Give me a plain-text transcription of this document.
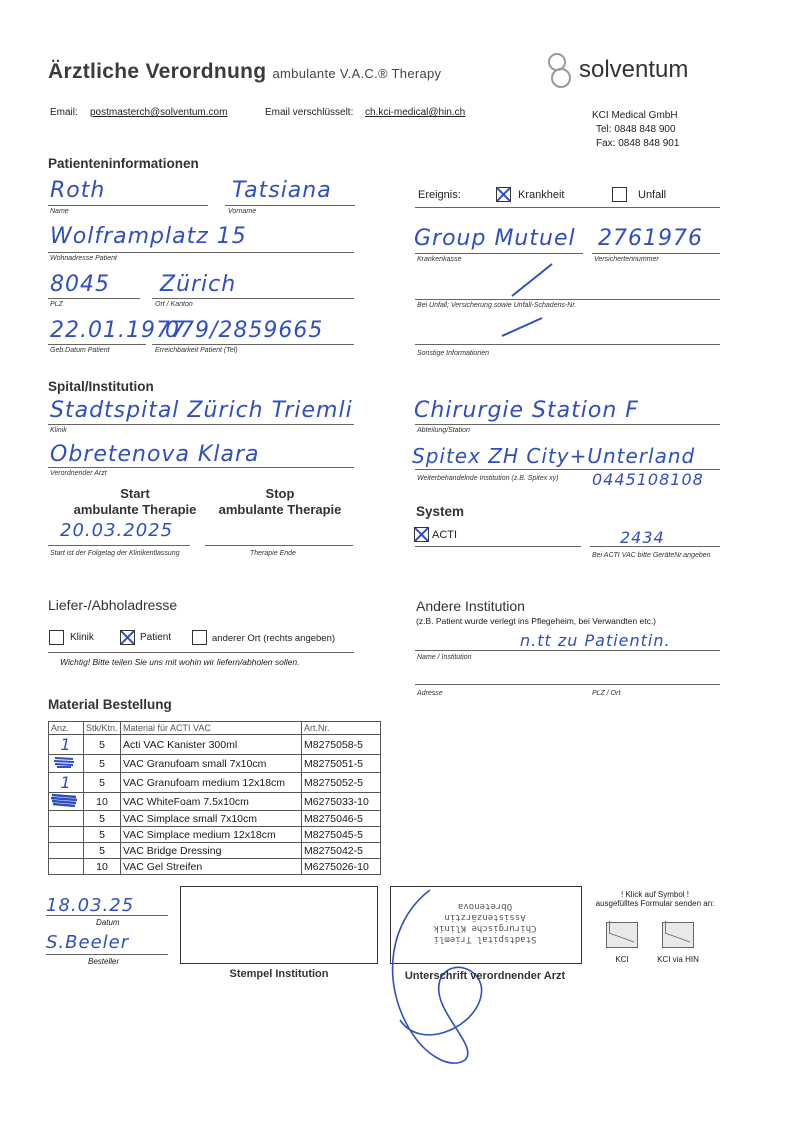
Ärztliche Verordnung ambulante V.A.C.® Therapy	solventum
Email: postmasterch@solventum.com	Email verschlüsselt: ch.kci-medical@hin.ch	KCI Medical GmbH
Tel: 0848 848 900
Fax: 0848 848 901
Patienteninformationen
Roth
Name
Tatsiana
Vorname
Wolframplatz 15
Wohnadresse Patient
8045
PLZ
Zürich
Ort / Kanton
22.01.1977
Geb.Datum Patient
079/2859665
Erreichbarkeit Patient (Tel)
Ereignis:	Krankheit	Unfall
Group Mutuel
Krankenkasse
2761976
Versichertennummer
Bei Unfall; Versicherung sowie Unfall-Schadens-Nr.
Sonstige Informationen
Spital/Institution
Stadtspital Zürich Triemli
Klinik
Obretenova Klara
Verordnender Arzt
Chirurgie Station F
Abteilung/Station
Spitex ZH City+Unterland
Weiterbehandelnde Institution (z.B. Spitex xy) 0445108108
Start
ambulante Therapie
Stop
ambulante Therapie
20.03.2025
Start ist der Folgetag der Klinikentlassung	Therapie Ende
System
ACTI	2434
Bei ACTI VAC bitte GeräteNr.angeben
Liefer-/Abholadresse
Klinik	Patient	anderer Ort (rechts angeben)
Wichtig! Bitte teilen Sie uns mit wohin wir liefern/abholen sollen.
Andere Institution
(z.B. Patient wurde verlegt ins Pflegeheim, bei Verwandten etc.)
n.tt zu Patientin.
Name / Institution
Adresse	PLZ / Ort
Material Bestellung
Anz.	Stk/Ktn.	Material für ACTI VAC	Art.Nr.
1	5	Acti VAC Kanister 300ml	M8275058-5
	5	VAC Granufoam small 7x10cm	M8275051-5
1	5	VAC Granufoam medium 12x18cm	M8275052-5
	10	VAC WhiteFoam 7.5x10cm	M6275033-10
	5	VAC Simplace small 7x10cm	M8275046-5
	5	VAC Simplace medium 12x18cm	M8275045-5
	5	VAC Bridge Dressing	M8275042-5
	10	VAC Gel Streifen	M6275026-10
18.03.25
Datum
S.Beeler
Besteller
Stempel Institution
Stadtspital Triemli
Chirurgische Klinik
Assistenzärztin
Obretenova
Unterschrift verordnender Arzt
! Klick auf Symbol !
ausgefülltes Formular senden an:
KCI	KCI via HIN
